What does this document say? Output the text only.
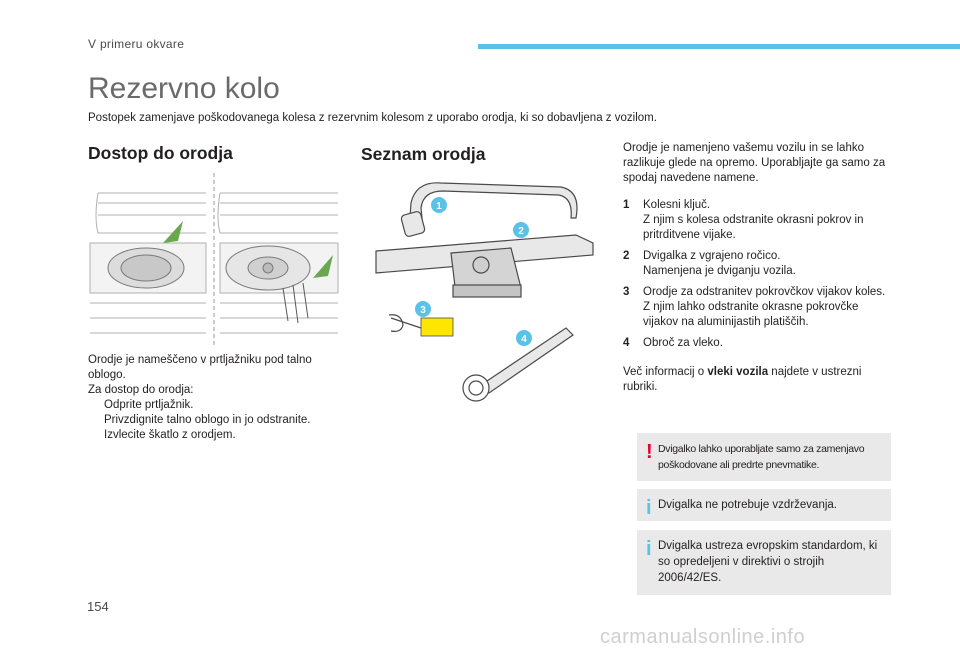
V primeru okvare
Rezervno kolo
Postopek zamenjave poškodovanega kolesa z rezervnim kolesom z uporabo orodja, ki so dobavljena z vozilom.
Dostop do orodja	Seznam orodja
1
2
3
4
Orodje je nameščeno v prtljažniku pod talno oblogo.
Za dostop do orodja:
Odprite prtljažnik.
Privzdignite talno oblogo in jo odstranite.
Izvlecite škatlo z orodjem.
Orodje je namenjeno vašemu vozilu in se lahko razlikuje glede na opremo. Uporabljajte ga samo za spodaj navedene namene.
1	Kolesni ključ.
Z njim s kolesa odstranite okrasni pokrov in pritrditvene vijake.
2	Dvigalka z vgrajeno ročico.
Namenjena je dviganju vozila.
3	Orodje za odstranitev pokrovčkov vijakov koles.
Z njim lahko odstranite okrasne pokrovčke vijakov na aluminijastih platiščih.
4	Obroč za vleko.
Več informacij o vleki vozila najdete v ustrezni rubriki.
! Dvigalko lahko uporabljate samo za zamenjavo poškodovane ali predrte pnevmatike.
i Dvigalka ne potrebuje vzdrževanja.
i Dvigalka ustreza evropskim standardom, ki so opredeljeni v direktivi o strojih 2006/42/ES.
154
carmanualsonline.info
